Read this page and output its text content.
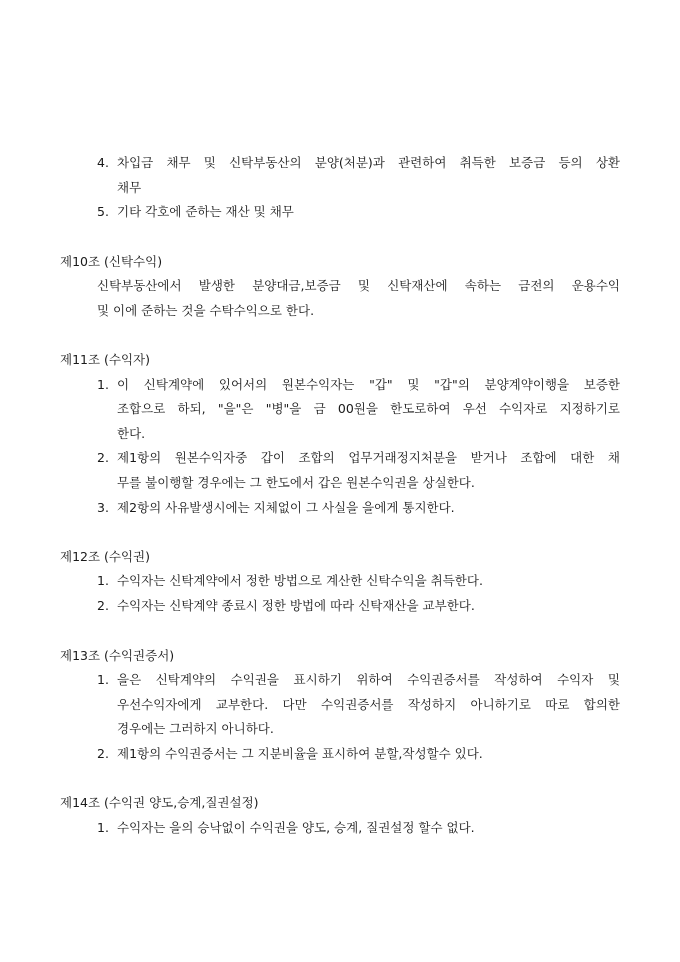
4. 차입금 채무 및 신탁부동산의 분양(처분)과 관련하여 취득한 보증금 등의 상환
채무
5. 기타 각호에 준하는 재산 및 채무
제10조 (신탁수익)
신탁부동산에서 발생한 분양대금,보증금 및 신탁재산에 속하는 금전의 운용수익
및 이에 준하는 것을 수탁수익으로 한다.
제11조 (수익자)
1. 이 신탁계약에 있어서의 원본수익자는 "갑" 및 "갑"의 분양계약이행을 보증한
조합으로 하되, "을"은 "병"을 금 00원을 한도로하여 우선 수익자로 지정하기로
한다.
2. 제1항의 원본수익자중 갑이 조합의 업무거래정지처분을 받거나 조합에 대한 채
무를 불이행할 경우에는 그 한도에서 갑은 원본수익권을 상실한다.
3. 제2항의 사유발생시에는 지체없이 그 사실을 을에게 통지한다.
제12조 (수익권)
1. 수익자는 신탁계약에서 정한 방법으로 계산한 신탁수익을 취득한다.
2. 수익자는 신탁계약 종료시 정한 방법에 따라 신탁재산을 교부한다.
제13조 (수익권증서)
1. 을은 신탁계약의 수익권을 표시하기 위하여 수익권증서를 작성하여 수익자 및
우선수익자에게 교부한다. 다만 수익권증서를 작성하지 아니하기로 따로 합의한
경우에는 그러하지 아니하다.
2. 제1항의 수익권증서는 그 지분비율을 표시하여 분할,작성할수 있다.
제14조 (수익권 양도,승계,질권설정)
1. 수익자는 을의 승낙없이 수익권을 양도, 승계, 질권설정 할수 없다.
